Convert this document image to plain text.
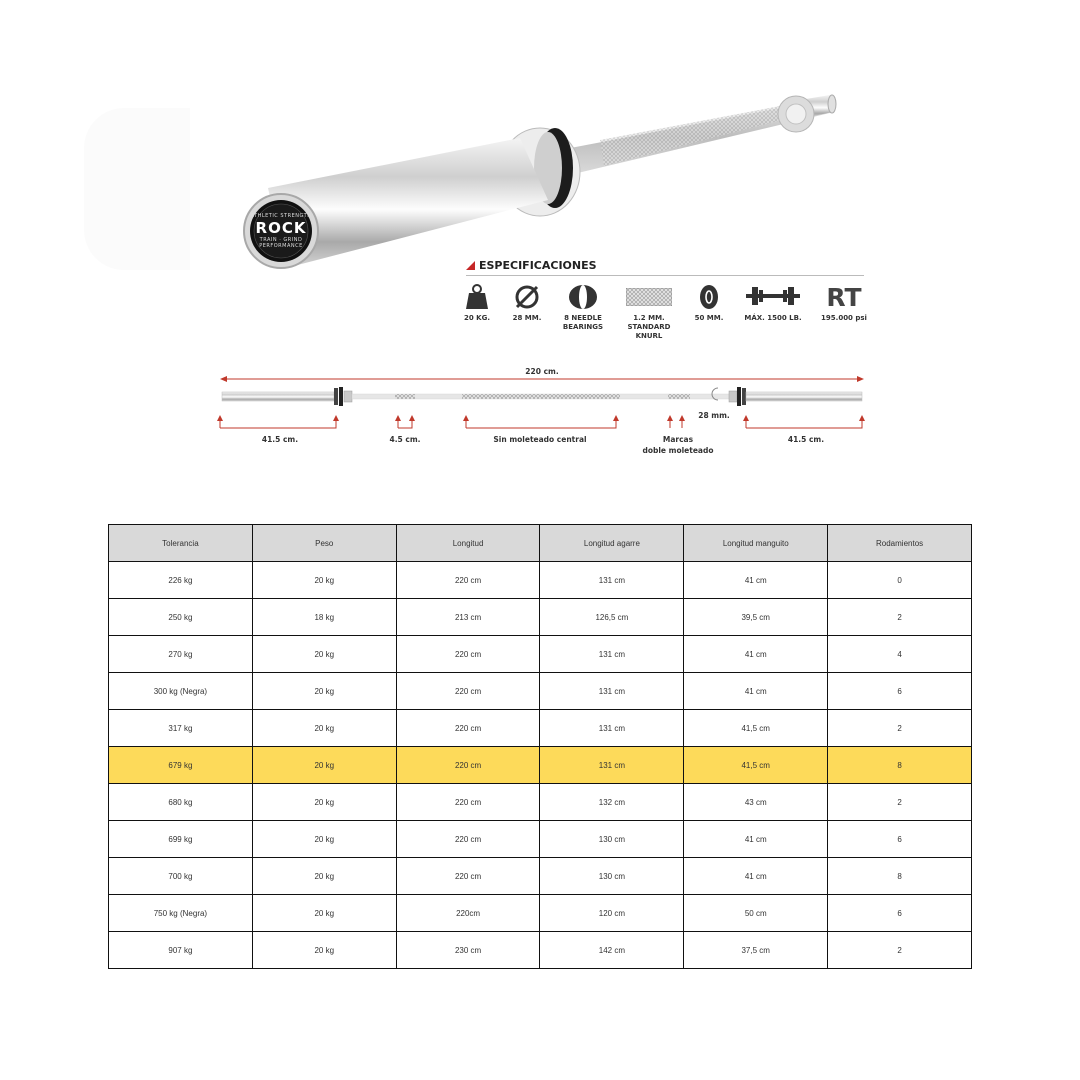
ATHLETIC STRENGTH
ROCK
TRAIN · GRIND
PERFORMANCE
ESPECIFICACIONES
20 KG.	28 MM.	8 NEEDLE
BEARINGS
1.2 MM.
STANDARD
KNURL
50 MM.	MÁX. 1500 LB.
RT
195.000 psi
220 cm.
41.5 cm.	4.5 cm.	Sin moleteado central	Marcas
doble moleteado
28 mm.
41.5 cm.
Tolerancia	Peso	Longitud	Longitud agarre	Longitud manguito	Rodamientos
226 kg	20 kg	220 cm	131 cm	41 cm	0
250 kg	18 kg	213 cm	126,5 cm	39,5 cm	2
270 kg	20 kg	220 cm	131 cm	41 cm	4
300 kg (Negra)	20 kg	220 cm	131 cm	41 cm	6
317 kg	20 kg	220 cm	131 cm	41,5 cm	2
679 kg	20 kg	220 cm	131 cm	41,5 cm	8
680 kg	20 kg	220 cm	132 cm	43 cm	2
699 kg	20 kg	220 cm	130 cm	41 cm	6
700 kg	20 kg	220 cm	130 cm	41 cm	8
750 kg (Negra)	20 kg	220cm	120 cm	50 cm	6
907 kg	20 kg	230 cm	142 cm	37,5 cm	2
